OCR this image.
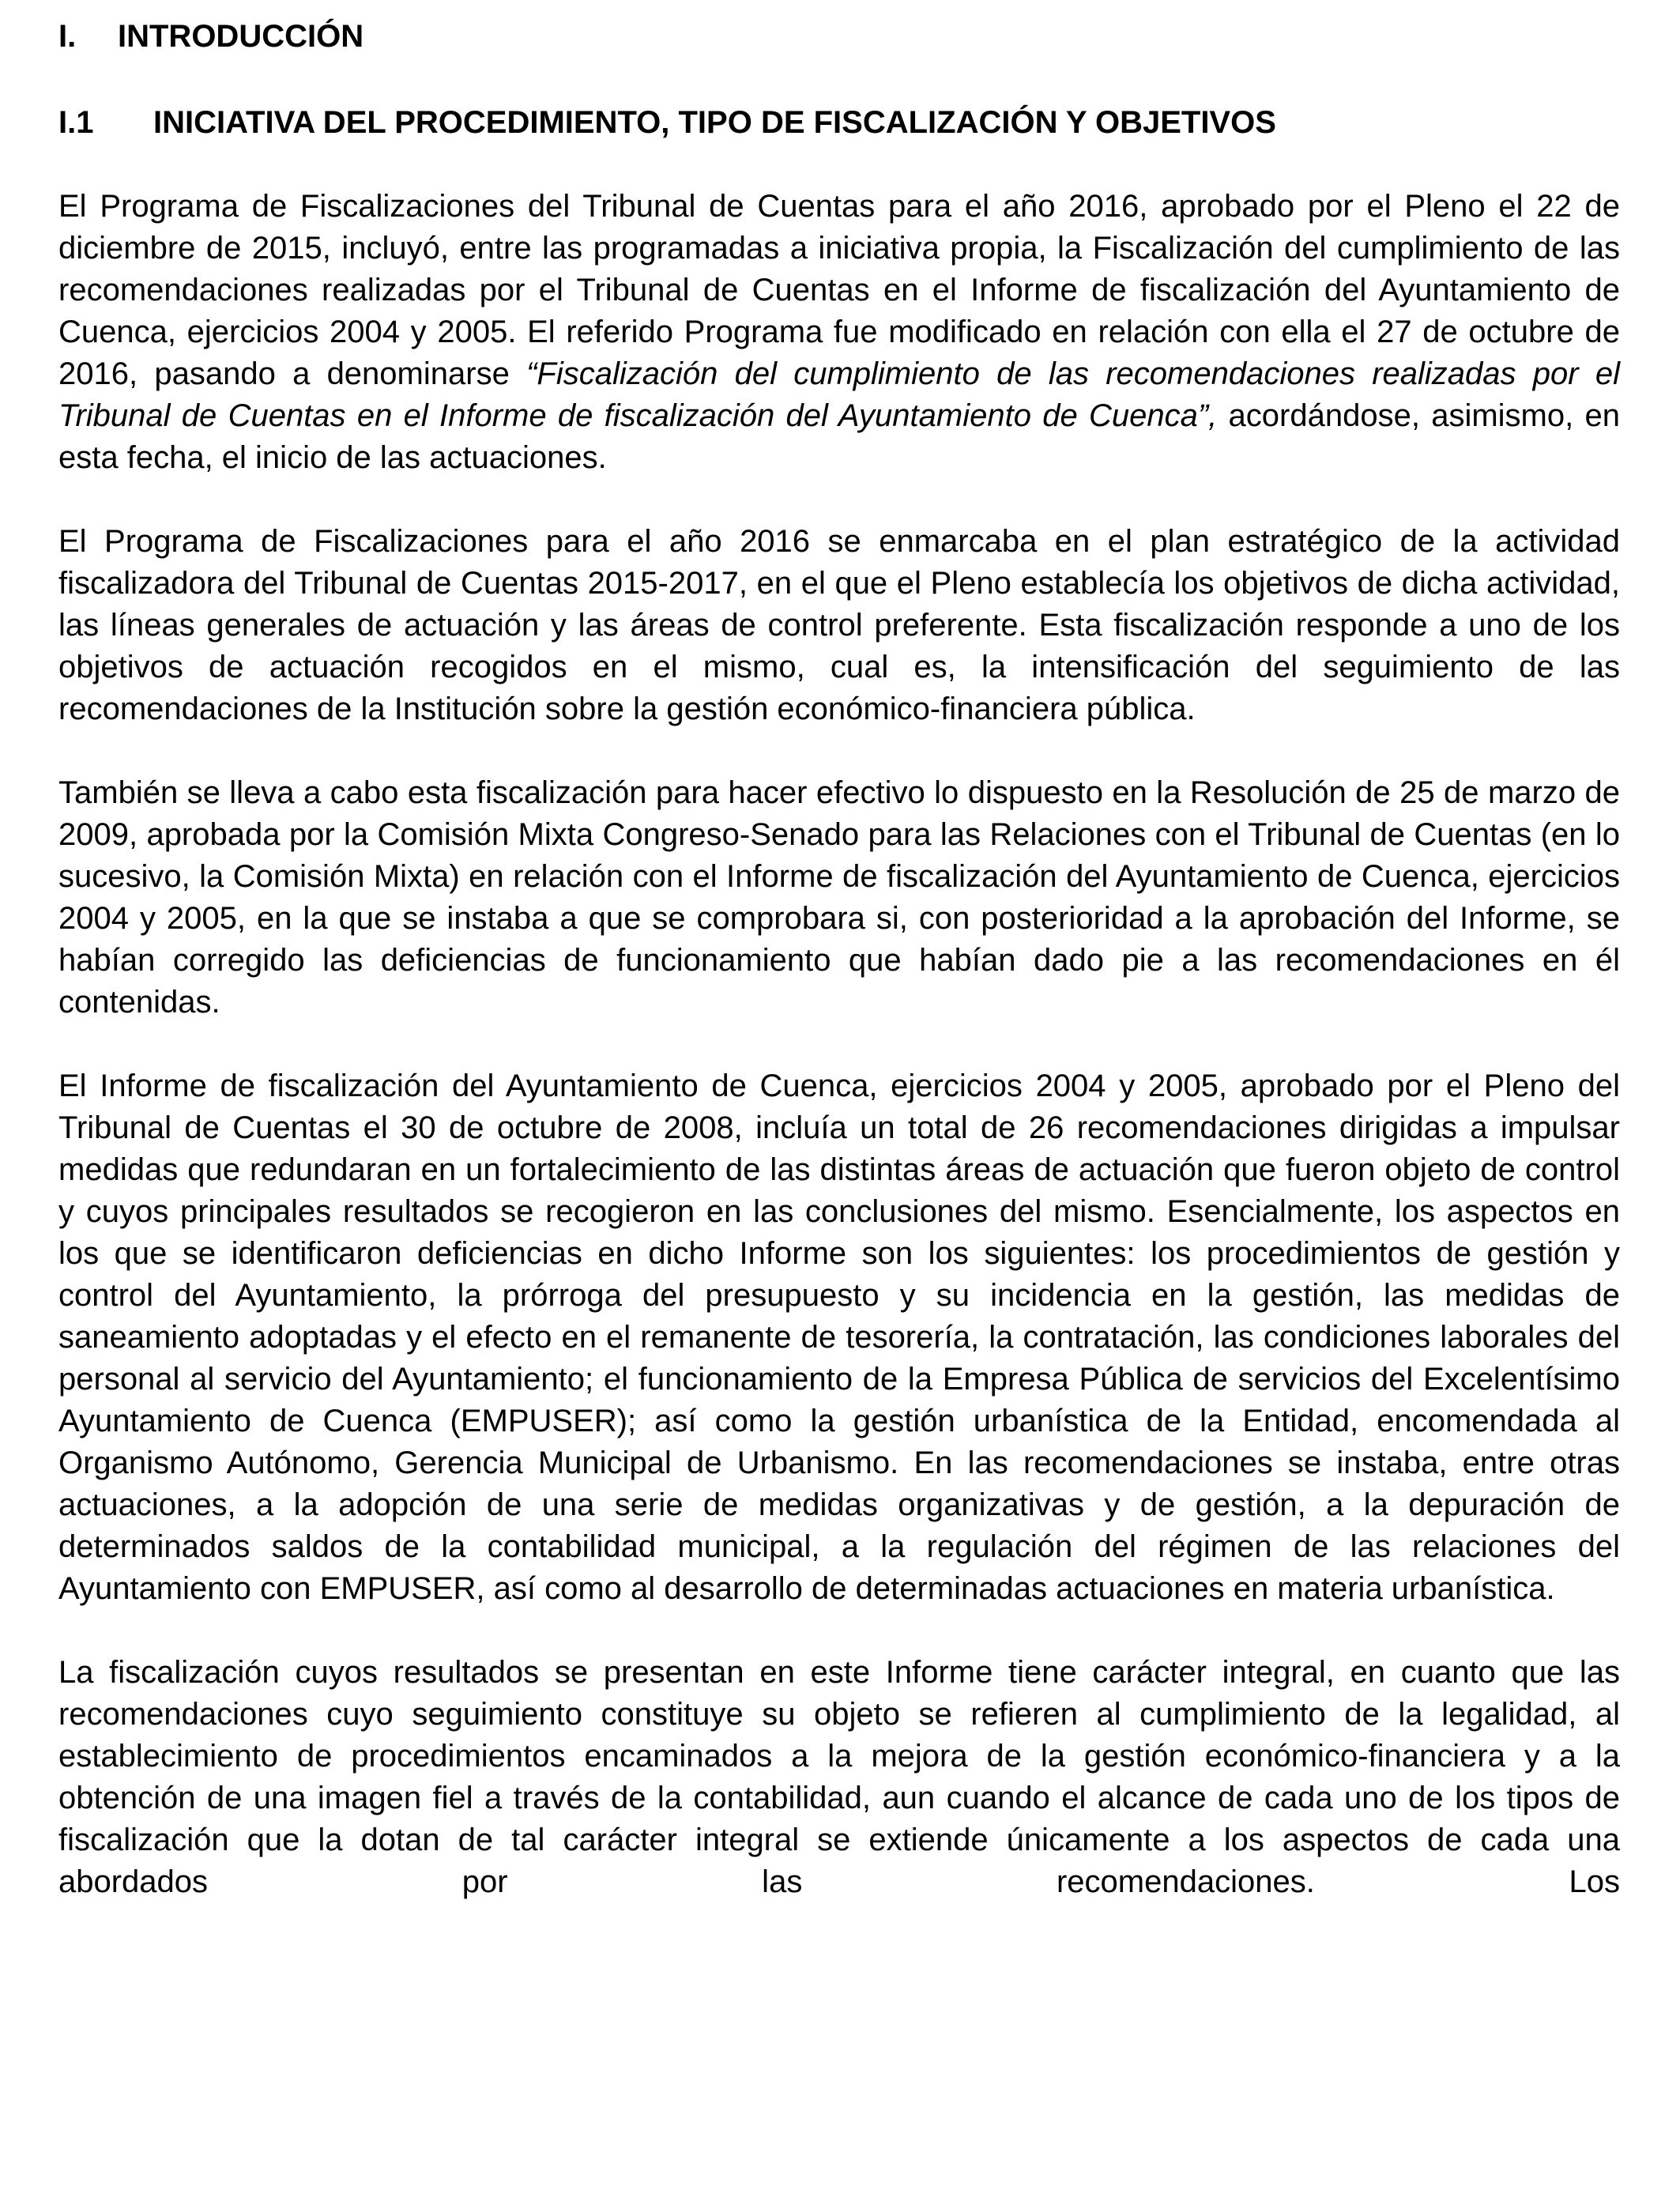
I. INTRODUCCIÓN
I.1 INICIATIVA DEL PROCEDIMIENTO, TIPO DE FISCALIZACIÓN Y OBJETIVOS

El Programa de Fiscalizaciones del Tribunal de Cuentas para el año 2016, aprobado por el Pleno el 22 de diciembre de 2015, incluyó, entre las programadas a iniciativa propia, la Fiscalización del cumplimiento de las recomendaciones realizadas por el Tribunal de Cuentas en el Informe de fiscalización del Ayuntamiento de Cuenca, ejercicios 2004 y 2005. El referido Programa fue modificado en relación con ella el 27 de octubre de 2016, pasando a denominarse “Fiscalización del cumplimiento de las recomendaciones realizadas por el Tribunal de Cuentas en el Informe de fiscalización del Ayuntamiento de Cuenca”, acordándose, asimismo, en esta fecha, el inicio de las actuaciones.

El Programa de Fiscalizaciones para el año 2016 se enmarcaba en el plan estratégico de la actividad fiscalizadora del Tribunal de Cuentas 2015-2017, en el que el Pleno establecía los objetivos de dicha actividad, las líneas generales de actuación y las áreas de control preferente. Esta fiscalización responde a uno de los objetivos de actuación recogidos en el mismo, cual es, la intensificación del seguimiento de las recomendaciones de la Institución sobre la gestión económico-financiera pública.

También se lleva a cabo esta fiscalización para hacer efectivo lo dispuesto en la Resolución de 25 de marzo de 2009, aprobada por la Comisión Mixta Congreso-Senado para las Relaciones con el Tribunal de Cuentas (en lo sucesivo, la Comisión Mixta) en relación con el Informe de fiscalización del Ayuntamiento de Cuenca, ejercicios 2004 y 2005, en la que se instaba a que se comprobara si, con posterioridad a la aprobación del Informe, se habían corregido las deficiencias de funcionamiento que habían dado pie a las recomendaciones en él contenidas.

El Informe de fiscalización del Ayuntamiento de Cuenca, ejercicios 2004 y 2005, aprobado por el Pleno del Tribunal de Cuentas el 30 de octubre de 2008, incluía un total de 26 recomendaciones dirigidas a impulsar medidas que redundaran en un fortalecimiento de las distintas áreas de actuación que fueron objeto de control y cuyos principales resultados se recogieron en las conclusiones del mismo. Esencialmente, los aspectos en los que se identificaron deficiencias en dicho Informe son los siguientes: los procedimientos de gestión y control del Ayuntamiento, la prórroga del presupuesto y su incidencia en la gestión, las medidas de saneamiento adoptadas y el efecto en el remanente de tesorería, la contratación, las condiciones laborales del personal al servicio del Ayuntamiento; el funcionamiento de la Empresa Pública de servicios del Excelentísimo Ayuntamiento de Cuenca (EMPUSER); así como la gestión urbanística de la Entidad, encomendada al Organismo Autónomo, Gerencia Municipal de Urbanismo. En las recomendaciones se instaba, entre otras actuaciones, a la adopción de una serie de medidas organizativas y de gestión, a la depuración de determinados saldos de la contabilidad municipal, a la regulación del régimen de las relaciones del Ayuntamiento con EMPUSER, así como al desarrollo de determinadas actuaciones en materia urbanística.

La fiscalización cuyos resultados se presentan en este Informe tiene carácter integral, en cuanto que las recomendaciones cuyo seguimiento constituye su objeto se refieren al cumplimiento de la legalidad, al establecimiento de procedimientos encaminados a la mejora de la gestión económico-financiera y a la obtención de una imagen fiel a través de la contabilidad, aun cuando el alcance de cada uno de los tipos de fiscalización que la dotan de tal carácter integral se extiende únicamente a los aspectos de cada una abordados por las recomendaciones. Los
